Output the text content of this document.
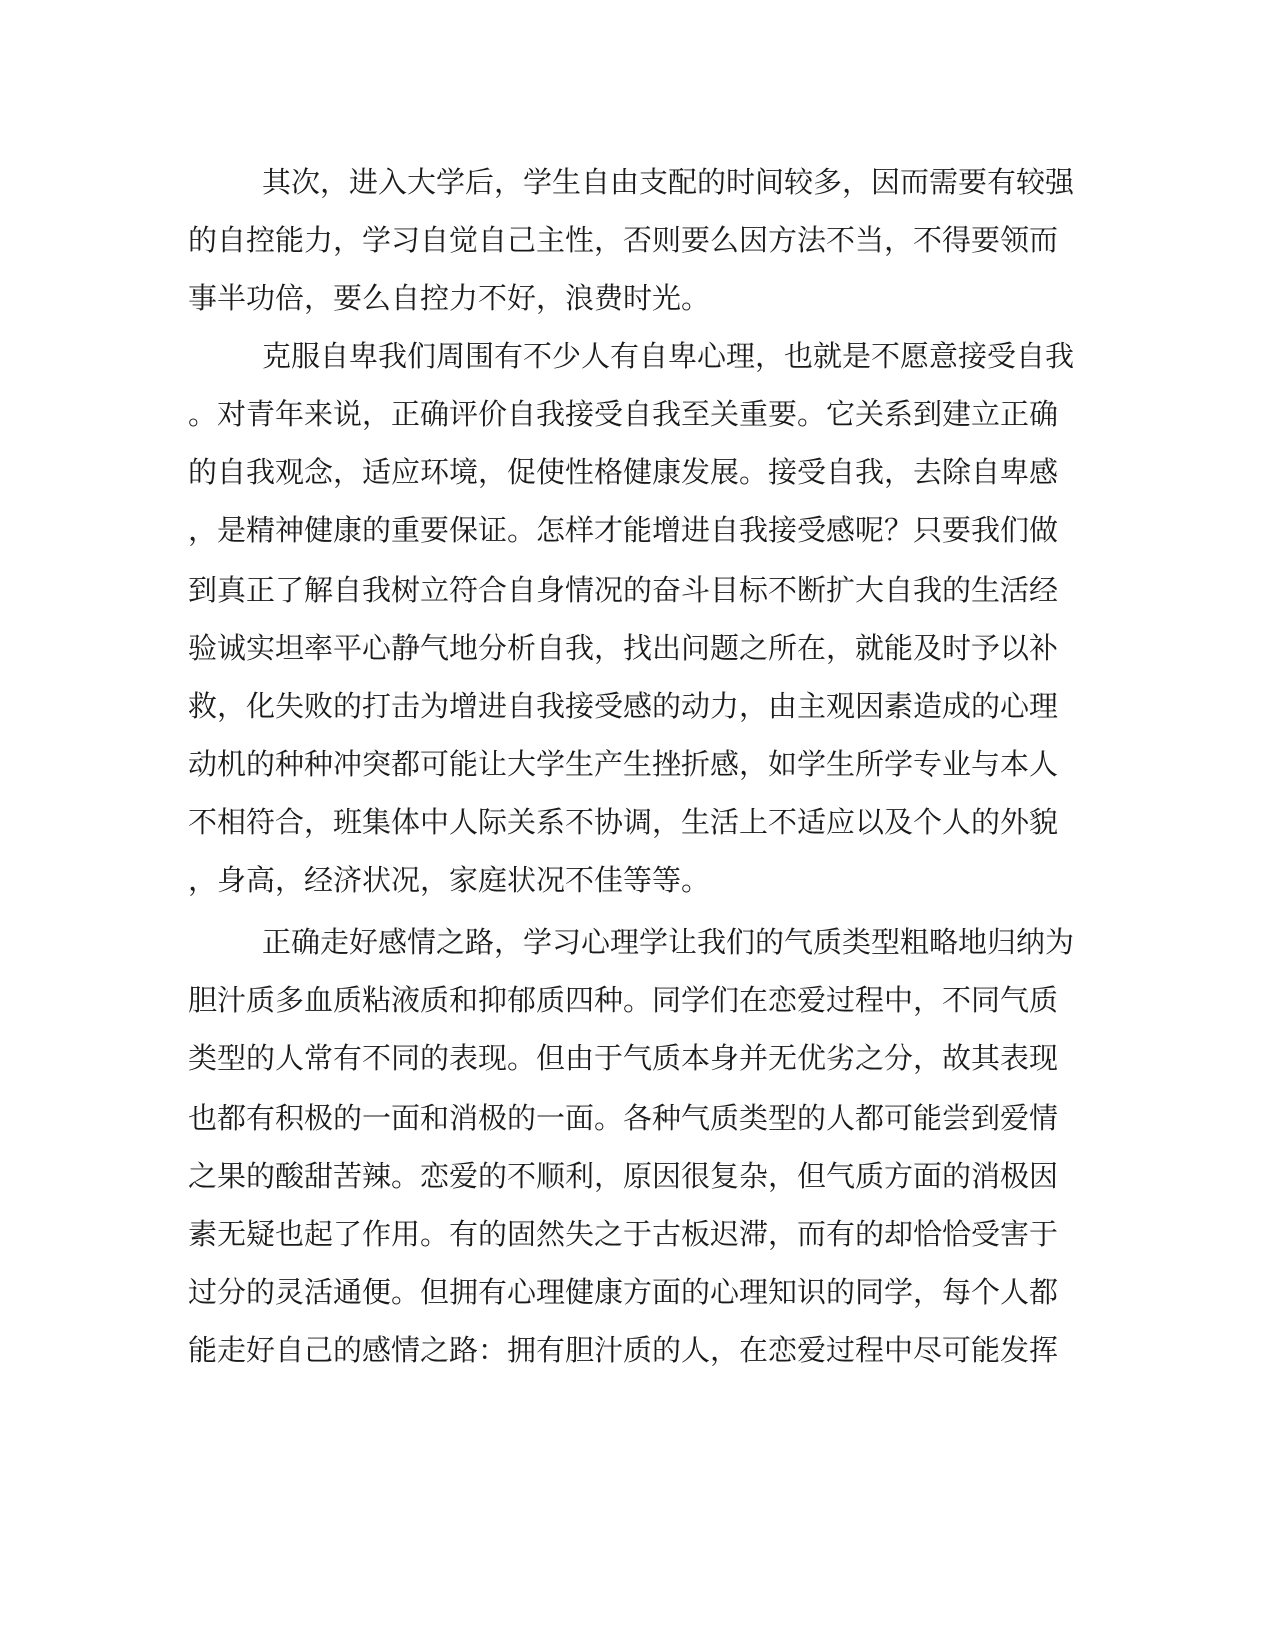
其次，进入大学后，学生自由支配的时间较多，因而需要有较强
的自控能力，学习自觉自己主性，否则要么因方法不当，不得要领而
事半功倍，要么自控力不好，浪费时光。
克服自卑我们周围有不少人有自卑心理，也就是不愿意接受自我
。对青年来说，正确评价自我接受自我至关重要。它关系到建立正确
的自我观念，适应环境，促使性格健康发展。接受自我，去除自卑感
，是精神健康的重要保证。怎样才能增进自我接受感呢？只要我们做
到真正了解自我树立符合自身情况的奋斗目标不断扩大自我的生活经
验诚实坦率平心静气地分析自我，找出问题之所在，就能及时予以补
救，化失败的打击为增进自我接受感的动力，由主观因素造成的心理
动机的种种冲突都可能让大学生产生挫折感，如学生所学专业与本人
不相符合，班集体中人际关系不协调，生活上不适应以及个人的外貌
，身高，经济状况，家庭状况不佳等等。
正确走好感情之路，学习心理学让我们的气质类型粗略地归纳为
胆汁质多血质粘液质和抑郁质四种。同学们在恋爱过程中，不同气质
类型的人常有不同的表现。但由于气质本身并无优劣之分，故其表现
也都有积极的一面和消极的一面。各种气质类型的人都可能尝到爱情
之果的酸甜苦辣。恋爱的不顺利，原因很复杂，但气质方面的消极因
素无疑也起了作用。有的固然失之于古板迟滞，而有的却恰恰受害于
过分的灵活通便。但拥有心理健康方面的心理知识的同学，每个人都
能走好自己的感情之路：拥有胆汁质的人，在恋爱过程中尽可能发挥
